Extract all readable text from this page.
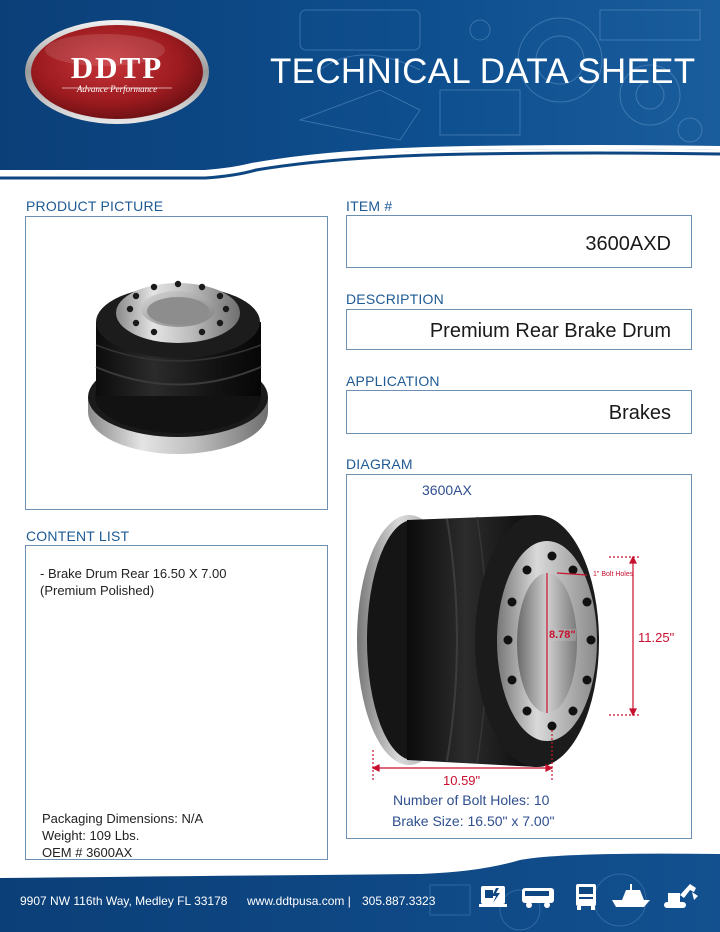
DDTP
Advance Performance	TECHNICAL DATA SHEET
PRODUCT PICTURE
CONTENT LIST
- Brake Drum Rear 16.50 X 7.00
(Premium Polished)
Packaging Dimensions: N/A
Weight: 109 Lbs.
OEM # 3600AX
ITEM #
3600AXD
DESCRIPTION
Premium Rear Brake Drum
APPLICATION
Brakes
DIAGRAM
3600AX
1" Bolt Holes
8.78"	11.25"
10.59"
Number of Bolt Holes: 10
Brake Size: 16.50" x 7.00"
9907 NW 116th Way, Medley FL 33178 www.ddtpusa.com | 305.887.3323
